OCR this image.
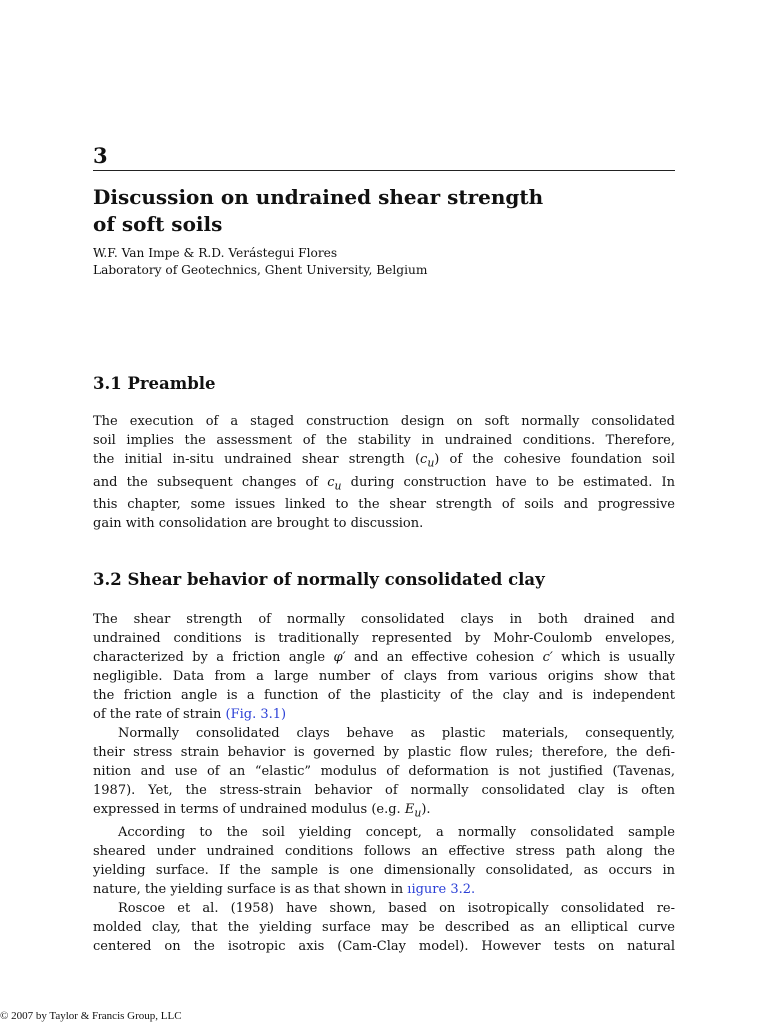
3
Discussion on undrained shear strength
of soft soils
W.F. Van Impe & R.D. Verástegui Flores
Laboratory of Geotechnics, Ghent University, Belgium
3.1 Preamble
The execution of a staged construction design on soft normally consolidated
soil implies the assessment of the stability in undrained conditions. Therefore,
the initial in-situ undrained shear strength $(c_u)$ of the cohesive foundation soil
and the subsequent changes of $c_u$ during construction have to be estimated. In
this chapter, some issues linked to the shear strength of soils and progressive
gain with consolidation are brought to discussion.
3.2 Shear behavior of normally consolidated clay
The shear strength of normally consolidated clays in both drained and
undrained conditions is traditionally represented by Mohr-Coulomb envelopes,
characterized by a friction angle φ′ and an effective cohesion c′ which is usually
negligible. Data from a large number of clays from various origins show that
the friction angle is a function of the plasticity of the clay and is independent
of the rate of strain (Fig. 3.1)
Normally consolidated clays behave as plastic materials, consequently,
their stress strain behavior is governed by plastic flow rules; therefore, the defi-
nition and use of an “elastic” modulus of deformation is not justified (Tavenas,
1987). Yet, the stress-strain behavior of normally consolidated clay is often
expressed in terms of undrained modulus (e.g. $E_u$).
According to the soil yielding concept, a normally consolidated sample
sheared under undrained conditions follows an effective stress path along the
yielding surface. If the sample is one dimensionally consolidated, as occurs in
nature, the yielding surface is as that shown in ıigure 3.2.
Roscoe et al. (1958) have shown, based on isotropically consolidated re-
molded clay, that the yielding surface may be described as an elliptical curve
centered on the isotropic axis (Cam-Clay model). However tests on natural
© 2007 by Taylor & Francis Group, LLC
